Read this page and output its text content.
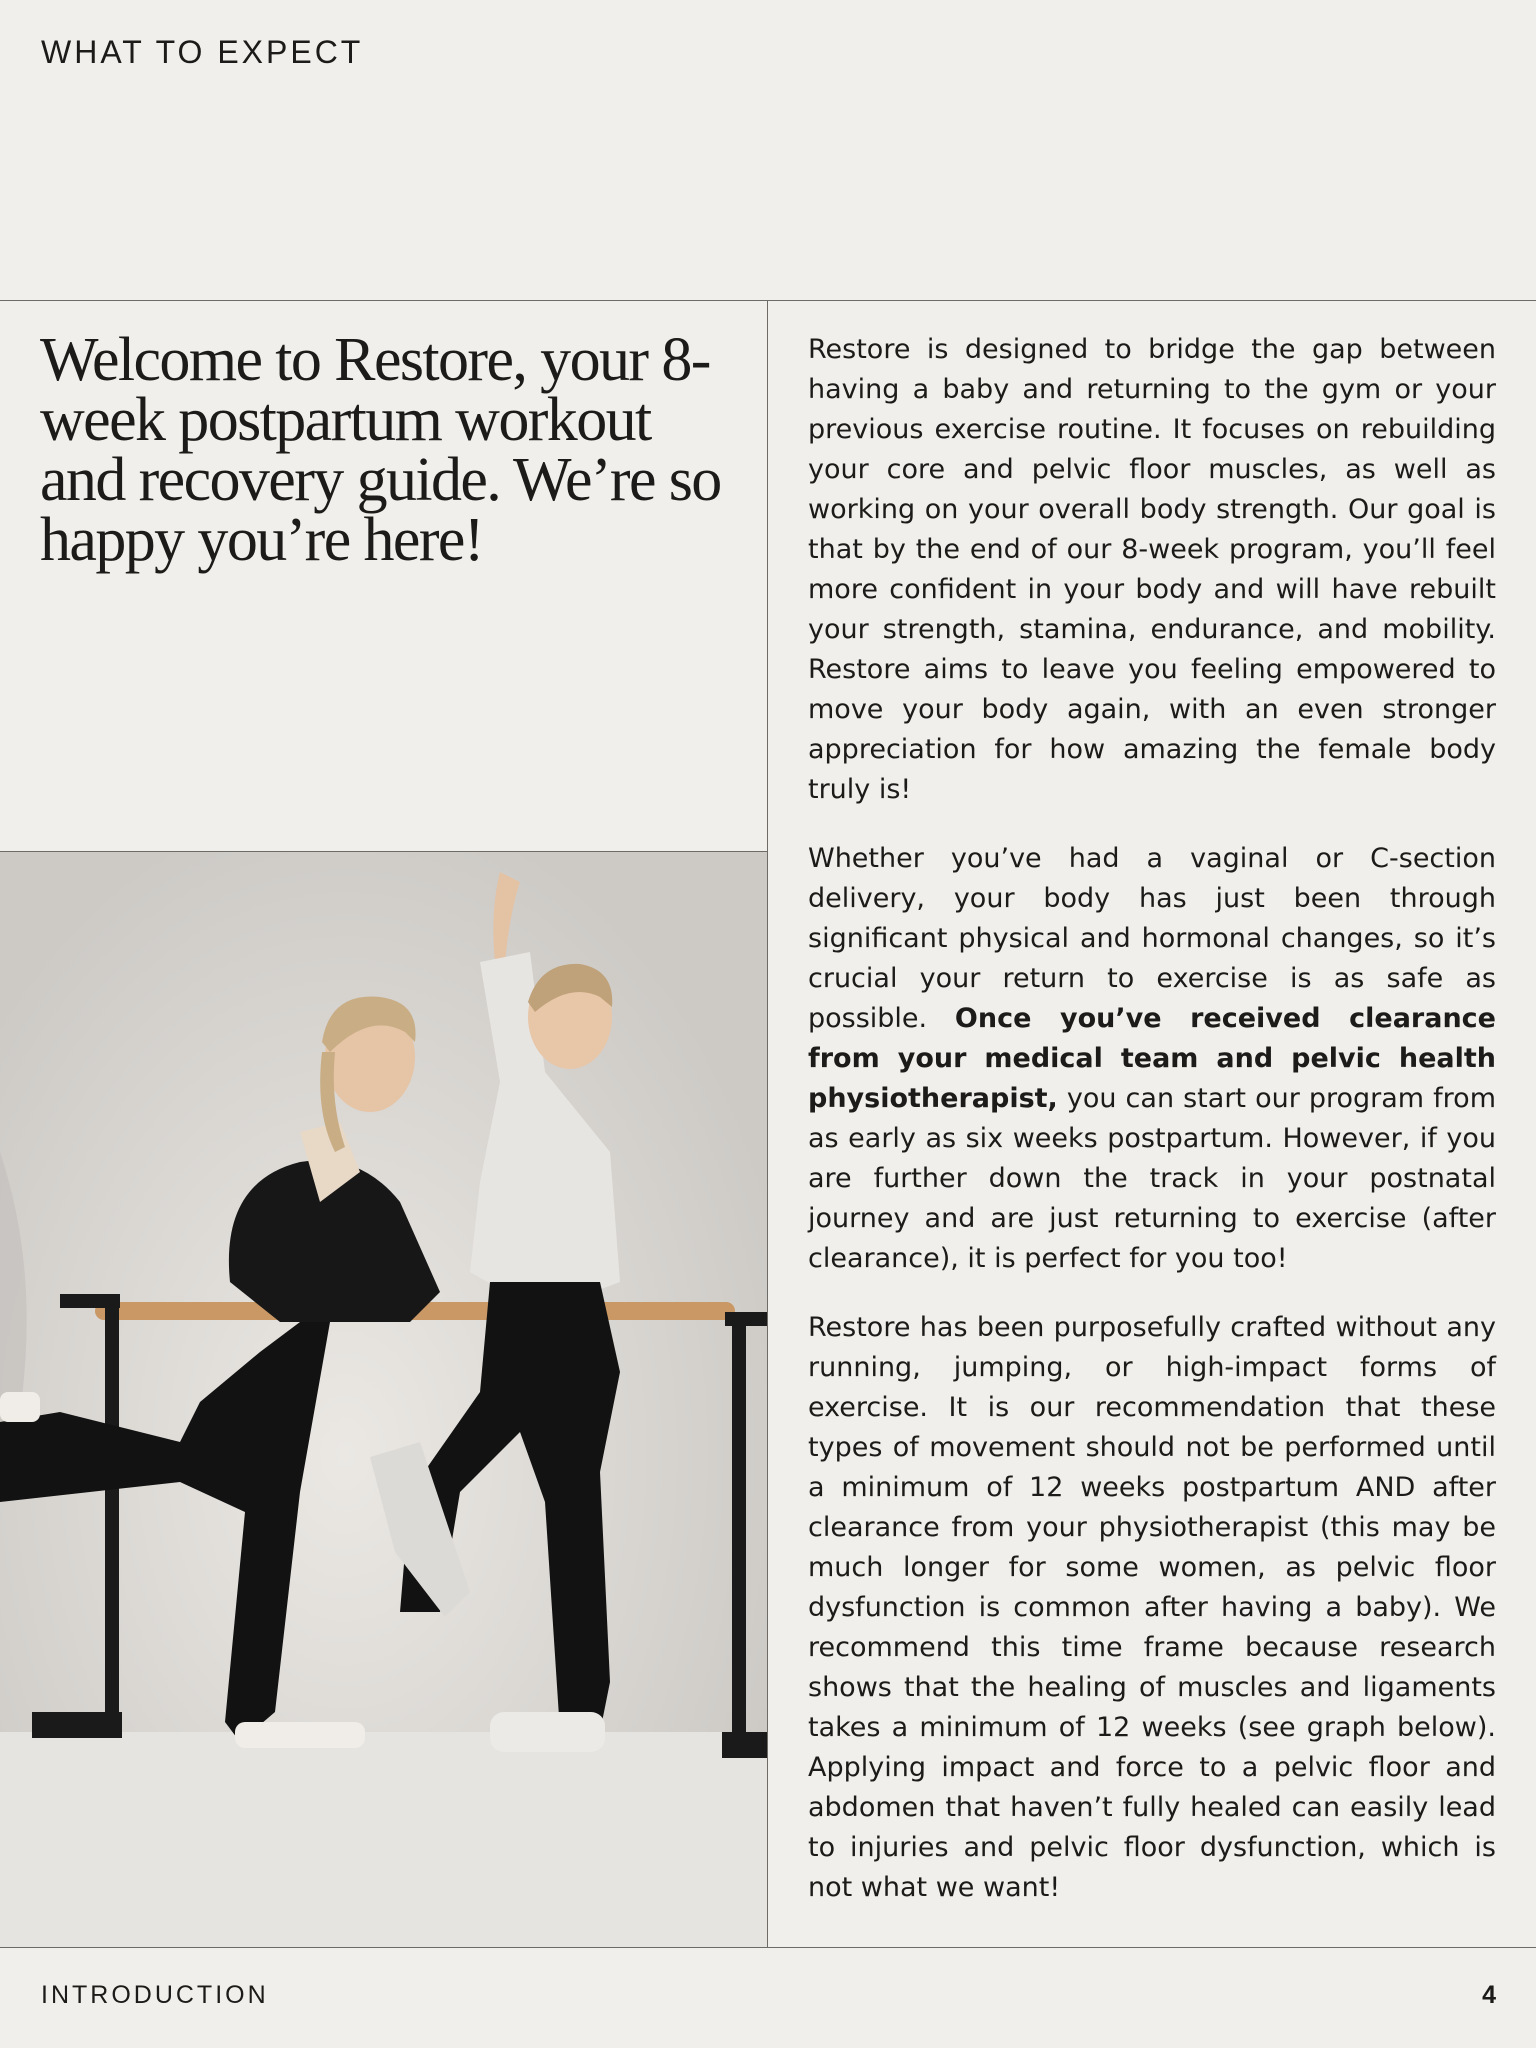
WHAT TO EXPECT
Welcome to Restore, your 8-week postpartum workout and recovery guide. We’re so happy you’re here!

Restore is designed to bridge the gap between having a baby and returning to the gym or your previous exercise routine. It focuses on rebuilding your core and pelvic floor muscles, as well as working on your overall body strength. Our goal is that by the end of our 8-week program, you’ll feel more confident in your body and will have rebuilt your strength, stamina, endurance, and mobility. Restore aims to leave you feeling empowered to move your body again, with an even stronger appreciation for how amazing the female body truly is!

Whether you’ve had a vaginal or C-section delivery, your body has just been through significant physical and hormonal changes, so it’s crucial your return to exercise is as safe as possible. Once you’ve received clearance from your medical team and pelvic health physiotherapist, you can start our program from as early as six weeks postpartum. However, if you are further down the track in your postnatal journey and are just returning to exercise (after clearance), it is perfect for you too!

Restore has been purposefully crafted without any running, jumping, or high-impact forms of exercise. It is our recommendation that these types of movement should not be performed until a minimum of 12 weeks postpartum AND after clearance from your physiotherapist (this may be much longer for some women, as pelvic floor dysfunction is common after having a baby). We recommend this time frame because research shows that the healing of muscles and ligaments takes a minimum of 12 weeks (see graph below). Applying impact and force to a pelvic floor and abdomen that haven’t fully healed can easily lead to injuries and pelvic floor dysfunction, which is not what we want!

INTRODUCTION	4
